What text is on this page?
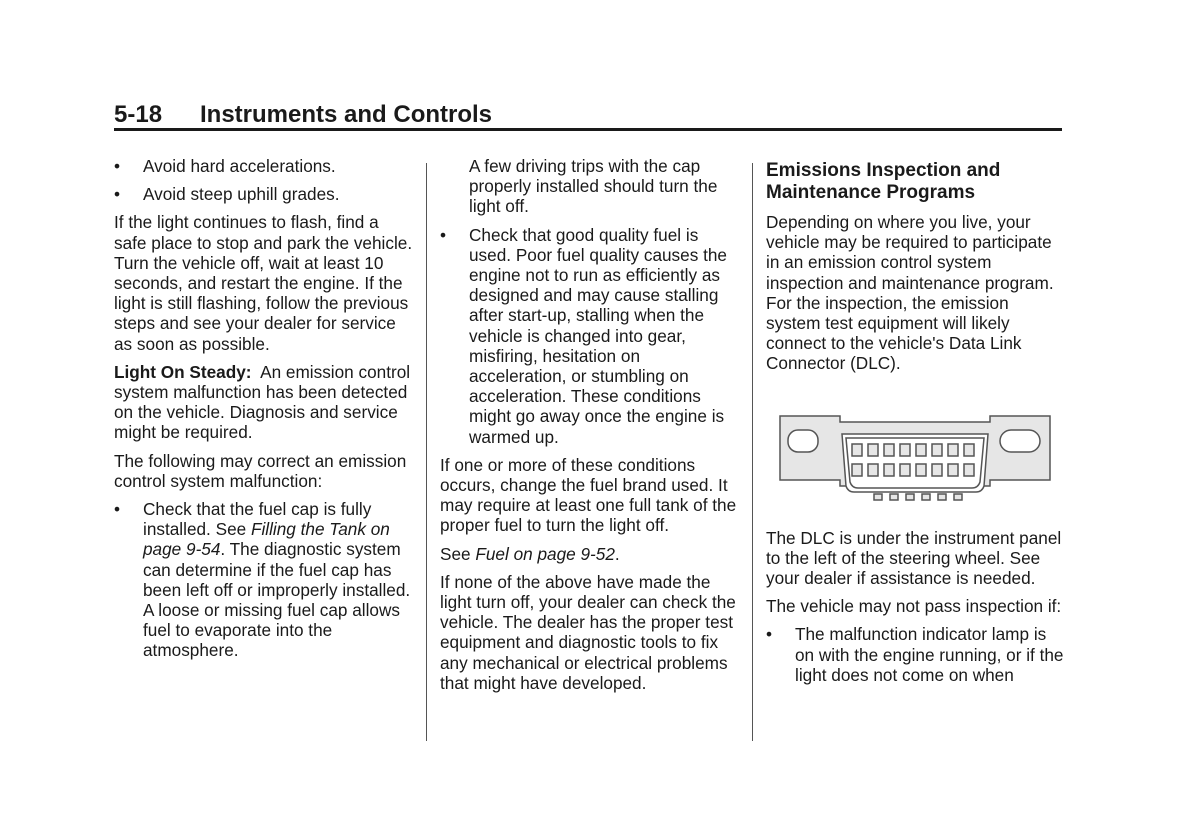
5-18 Instruments and Controls
• Avoid hard accelerations.
• Avoid steep uphill grades.

If the light continues to flash, find a safe place to stop and park the vehicle. Turn the vehicle off, wait at least 10 seconds, and restart the engine. If the light is still flashing, follow the previous steps and see your dealer for service as soon as possible.

Light On Steady: An emission control system malfunction has been detected on the vehicle. Diagnosis and service might be required.

The following may correct an emission control system malfunction:

• Check that the fuel cap is fully installed. See Filling the Tank on page 9-54. The diagnostic system can determine if the fuel cap has been left off or improperly installed. A loose or missing fuel cap allows fuel to evaporate into the atmosphere.
A few driving trips with the cap properly installed should turn the light off.
• Check that good quality fuel is used. Poor fuel quality causes the engine not to run as efficiently as designed and may cause stalling after start-up, stalling when the vehicle is changed into gear, misfiring, hesitation on acceleration, or stumbling on acceleration. These conditions might go away once the engine is warmed up.

If one or more of these conditions occurs, change the fuel brand used. It may require at least one full tank of the proper fuel to turn the light off.

See Fuel on page 9-52.

If none of the above have made the light turn off, your dealer can check the vehicle. The dealer has the proper test equipment and diagnostic tools to fix any mechanical or electrical problems that might have developed.

Emissions Inspection and Maintenance Programs

Depending on where you live, your vehicle may be required to participate in an emission control system inspection and maintenance program. For the inspection, the emission system test equipment will likely connect to the vehicle's Data Link Connector (DLC).

The DLC is under the instrument panel to the left of the steering wheel. See your dealer if assistance is needed.

The vehicle may not pass inspection if:

• The malfunction indicator lamp is on with the engine running, or if the light does not come on when
